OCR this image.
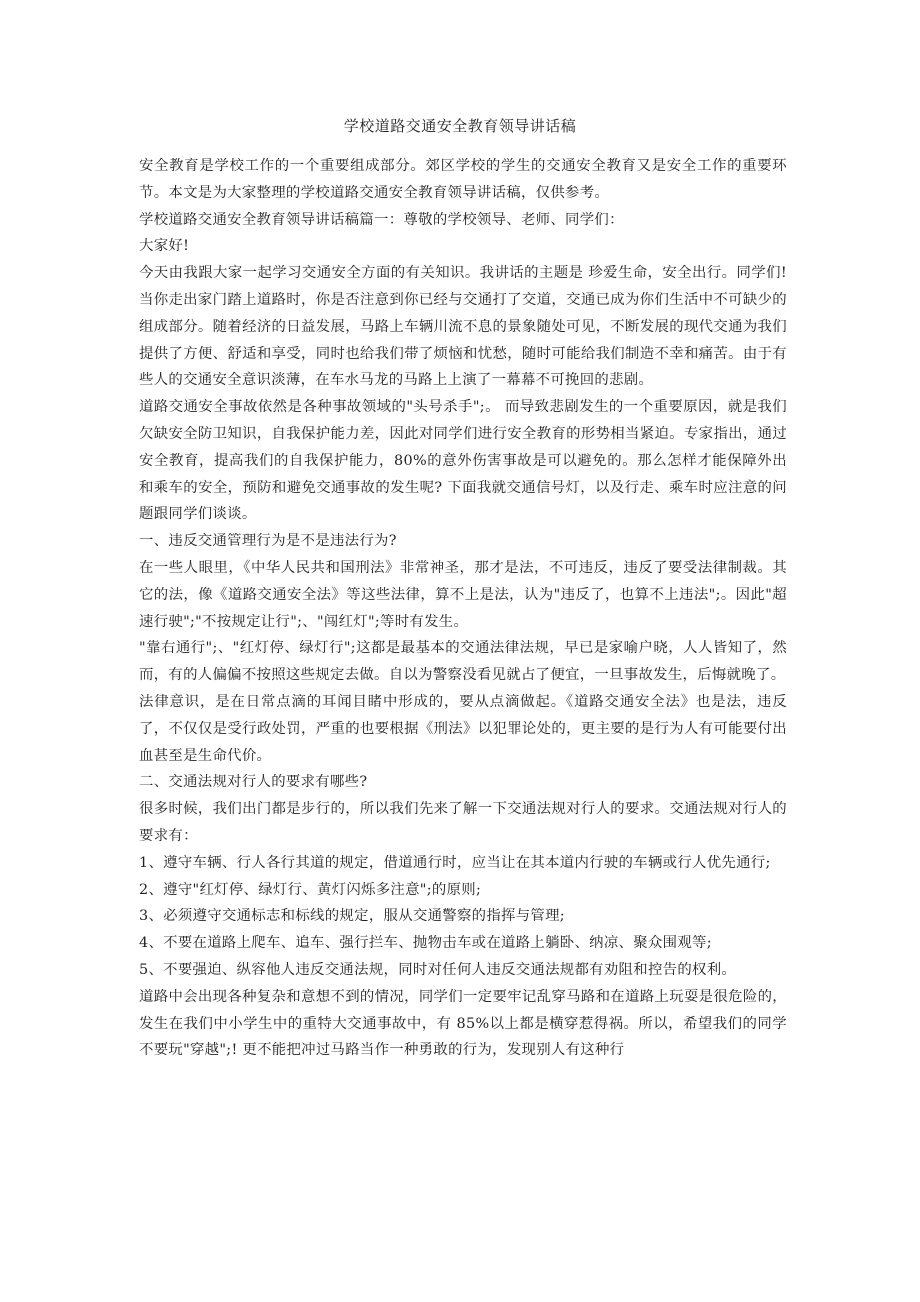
学校道路交通安全教育领导讲话稿

安全教育是学校工作的一个重要组成部分。郊区学校的学生的交通安全教育又是安全工作的重要环节。本文是为大家整理的学校道路交通安全教育领导讲话稿，仅供参考。

学校道路交通安全教育领导讲话稿篇一：尊敬的学校领导、老师、同学们：

大家好!

今天由我跟大家一起学习交通安全方面的有关知识。我讲话的主题是 珍爱生命，安全出行。同学们!当你走出家门踏上道路时，你是否注意到你已经与交通打了交道，交通已成为你们生活中不可缺少的组成部分。随着经济的日益发展，马路上车辆川流不息的景象随处可见，不断发展的现代交通为我们提供了方便、舒适和享受，同时也给我们带了烦恼和忧愁，随时可能给我们制造不幸和痛苦。由于有些人的交通安全意识淡薄，在车水马龙的马路上上演了一幕幕不可挽回的悲剧。

道路交通安全事故依然是各种事故领域的"头号杀手";。 而导致悲剧发生的一个重要原因，就是我们欠缺安全防卫知识，自我保护能力差，因此对同学们进行安全教育的形势相当紧迫。专家指出，通过安全教育，提高我们的自我保护能力，80%的意外伤害事故是可以避免的。那么怎样才能保障外出和乘车的安全，预防和避免交通事故的发生呢? 下面我就交通信号灯，以及行走、乘车时应注意的问题跟同学们谈谈。

一、违反交通管理行为是不是违法行为?

在一些人眼里，《中华人民共和国刑法》非常神圣，那才是法，不可违反，违反了要受法律制裁。其它的法，像《道路交通安全法》等这些法律，算不上是法，认为"违反了，也算不上违法";。因此"超速行驶";"不按规定让行";、"闯红灯";等时有发生。

"靠右通行";、"红灯停、绿灯行";这都是最基本的交通法律法规，早已是家喻户晓，人人皆知了，然而，有的人偏偏不按照这些规定去做。自以为警察没看见就占了便宜，一旦事故发生，后悔就晚了。

法律意识，是在日常点滴的耳闻目睹中形成的，要从点滴做起。《道路交通安全法》也是法，违反了，不仅仅是受行政处罚，严重的也要根据《刑法》以犯罪论处的，更主要的是行为人有可能要付出血甚至是生命代价。

二、交通法规对行人的要求有哪些?

很多时候，我们出门都是步行的，所以我们先来了解一下交通法规对行人的要求。交通法规对行人的要求有：

1、遵守车辆、行人各行其道的规定，借道通行时，应当让在其本道内行驶的车辆或行人优先通行;

2、遵守"红灯停、绿灯行、黄灯闪烁多注意";的原则;

3、必须遵守交通标志和标线的规定，服从交通警察的指挥与管理;

4、不要在道路上爬车、追车、强行拦车、抛物击车或在道路上躺卧、纳凉、聚众围观等;

5、不要强迫、纵容他人违反交通法规，同时对任何人违反交通法规都有劝阻和控告的权利。

道路中会出现各种复杂和意想不到的情况，同学们一定要牢记乱穿马路和在道路上玩耍是很危险的，发生在我们中小学生中的重特大交通事故中，有 85%以上都是横穿惹得祸。所以，希望我们的同学不要玩"穿越";! 更不能把冲过马路当作一种勇敢的行为，发现别人有这种行
